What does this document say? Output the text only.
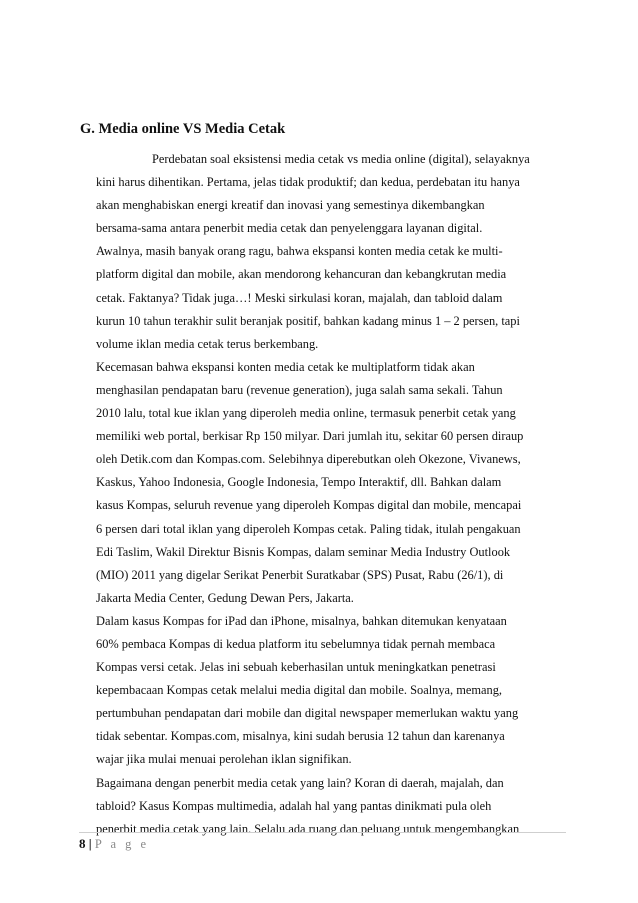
G. Media online VS Media Cetak
Perdebatan soal eksistensi media cetak vs media online (digital), selayaknya
kini harus dihentikan. Pertama, jelas tidak produktif; dan kedua, perdebatan itu hanya
akan menghabiskan energi kreatif dan inovasi yang semestinya dikembangkan
bersama-sama antara penerbit media cetak dan penyelenggara layanan digital.
Awalnya, masih banyak orang ragu, bahwa ekspansi konten media cetak ke multi-
platform digital dan mobile, akan mendorong kehancuran dan kebangkrutan media
cetak. Faktanya? Tidak juga…! Meski sirkulasi koran, majalah, dan tabloid dalam
kurun 10 tahun terakhir sulit beranjak positif, bahkan kadang minus 1 – 2 persen, tapi
volume iklan media cetak terus berkembang.
Kecemasan bahwa ekspansi konten media cetak ke multiplatform tidak akan
menghasilan pendapatan baru (revenue generation), juga salah sama sekali. Tahun
2010 lalu, total kue iklan yang diperoleh media online, termasuk penerbit cetak yang
memiliki web portal, berkisar Rp 150 milyar. Dari jumlah itu, sekitar 60 persen diraup
oleh Detik.com dan Kompas.com. Selebihnya diperebutkan oleh Okezone, Vivanews,
Kaskus, Yahoo Indonesia, Google Indonesia, Tempo Interaktif, dll. Bahkan dalam
kasus Kompas, seluruh revenue yang diperoleh Kompas digital dan mobile, mencapai
6 persen dari total iklan yang diperoleh Kompas cetak. Paling tidak, itulah pengakuan
Edi Taslim, Wakil Direktur Bisnis Kompas, dalam seminar Media Industry Outlook
(MIO) 2011 yang digelar Serikat Penerbit Suratkabar (SPS) Pusat, Rabu (26/1), di
Jakarta Media Center, Gedung Dewan Pers, Jakarta.
Dalam kasus Kompas for iPad dan iPhone, misalnya, bahkan ditemukan kenyataan
60% pembaca Kompas di kedua platform itu sebelumnya tidak pernah membaca
Kompas versi cetak. Jelas ini sebuah keberhasilan untuk meningkatkan penetrasi
kepembacaan Kompas cetak melalui media digital dan mobile. Soalnya, memang,
pertumbuhan pendapatan dari mobile dan digital newspaper memerlukan waktu yang
tidak sebentar. Kompas.com, misalnya, kini sudah berusia 12 tahun dan karenanya
wajar jika mulai menuai perolehan iklan signifikan.
Bagaimana dengan penerbit media cetak yang lain? Koran di daerah, majalah, dan
tabloid? Kasus Kompas multimedia, adalah hal yang pantas dinikmati pula oleh
penerbit media cetak yang lain. Selalu ada ruang dan peluang untuk mengembangkan
8 | P a g e
